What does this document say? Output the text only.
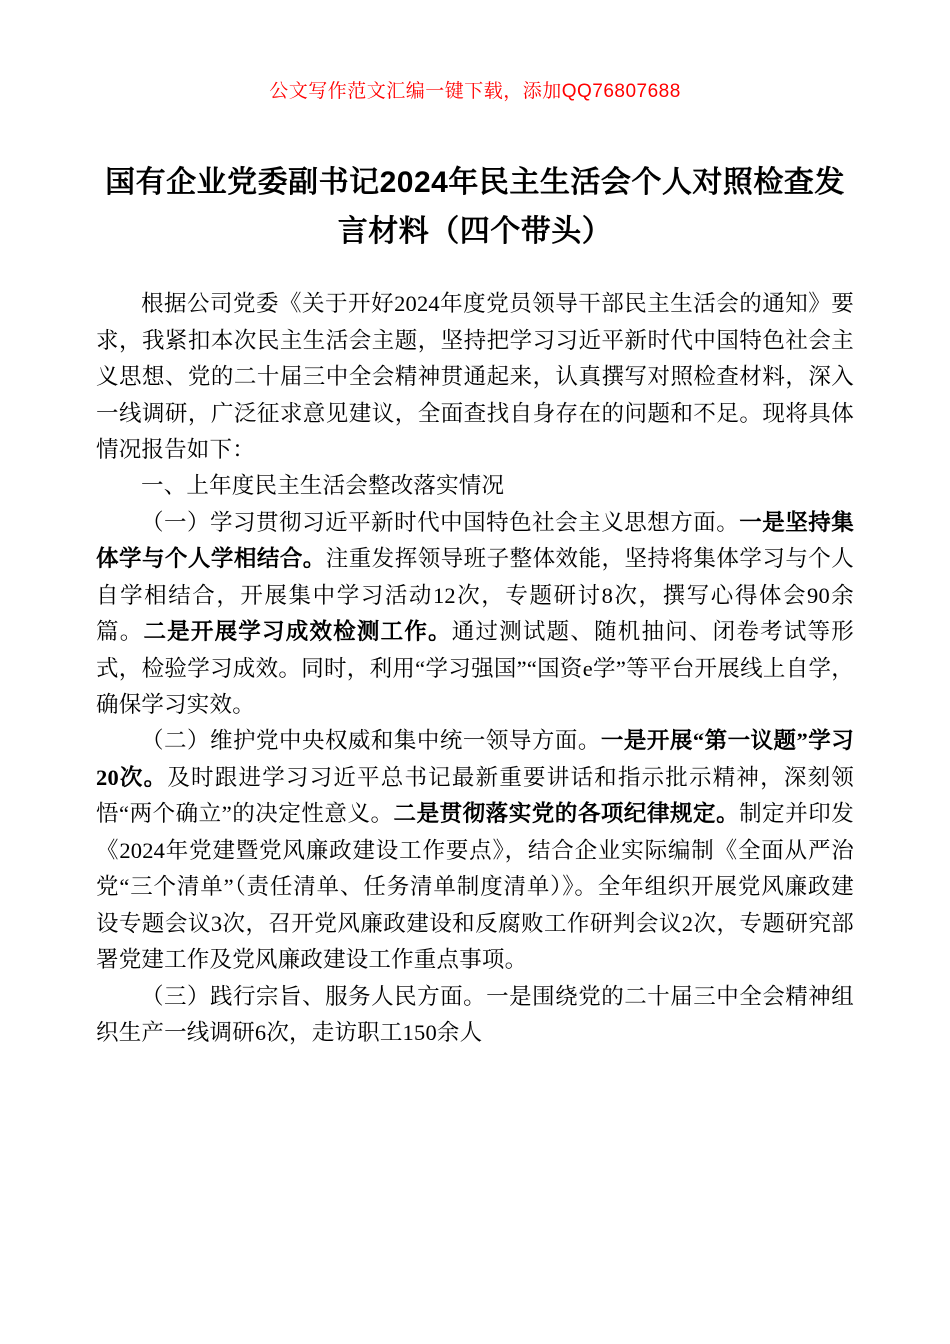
公文写作范文汇编一键下载，添加QQ76807688
国有企业党委副书记2024年民主生活会个人对照检查发言材料（四个带头）

根据公司党委《关于开好2024年度党员领导干部民主生活会的通知》要求，我紧扣本次民主生活会主题，坚持把学习习近平新时代中国特色社会主义思想、党的二十届三中全会精神贯通起来，认真撰写对照检查材料，深入一线调研，广泛征求意见建议，全面查找自身存在的问题和不足。现将具体情况报告如下：

一、上年度民主生活会整改落实情况

（一）学习贯彻习近平新时代中国特色社会主义思想方面。一是坚持集体学与个人学相结合。注重发挥领导班子整体效能，坚持将集体学习与个人自学相结合，开展集中学习活动12次，专题研讨8次，撰写心得体会90余篇。二是开展学习成效检测工作。通过测试题、随机抽问、闭卷考试等形式，检验学习成效。同时，利用“学习强国”“国资e学”等平台开展线上自学，确保学习实效。

（二）维护党中央权威和集中统一领导方面。一是开展“第一议题”学习20次。及时跟进学习习近平总书记最新重要讲话和指示批示精神，深刻领悟“两个确立”的决定性意义。二是贯彻落实党的各项纪律规定。制定并印发《2024年党建暨党风廉政建设工作要点》，结合企业实际编制《全面从严治党“三个清单”（责任清单、任务清单制度清单）》。全年组织开展党风廉政建设专题会议3次，召开党风廉政建设和反腐败工作研判会议2次，专题研究部署党建工作及党风廉政建设工作重点事项。

（三）践行宗旨、服务人民方面。一是围绕党的二十届三中全会精神组织生产一线调研6次，走访职工150余人
